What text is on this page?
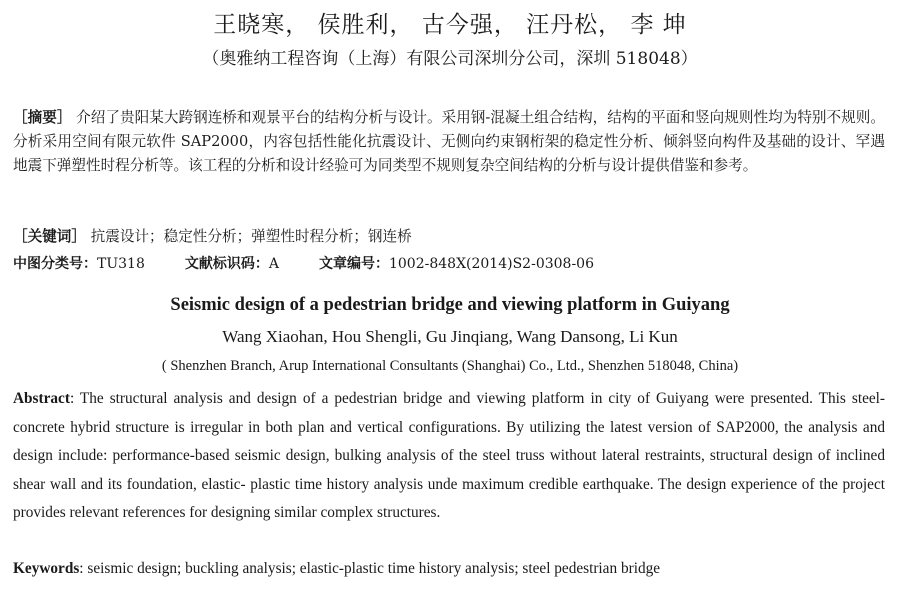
王晓寒， 侯胜利， 古今强， 汪丹松， 李 坤
（奥雅纳工程咨询（上海）有限公司深圳分公司，深圳 518048）
［摘要］ 介绍了贵阳某大跨钢连桥和观景平台的结构分析与设计。采用钢-混凝土组合结构，结构的平面和竖向规则性均为特别不规则。分析采用空间有限元软件 SAP2000，内容包括性能化抗震设计、无侧向约束钢桁架的稳定性分析、倾斜竖向构件及基础的设计、罕遇地震下弹塑性时程分析等。该工程的分析和设计经验可为同类型不规则复杂空间结构的分析与设计提供借鉴和参考。
［关键词］ 抗震设计；稳定性分析；弹塑性时程分析；钢连桥
中图分类号：TU318	文献标识码：A	文章编号：1002-848X(2014)S2-0308-06
Seismic design of a pedestrian bridge and viewing platform in Guiyang
Wang Xiaohan, Hou Shengli, Gu Jinqiang, Wang Dansong, Li Kun
( Shenzhen Branch, Arup International Consultants (Shanghai) Co., Ltd., Shenzhen 518048, China)
Abstract: The structural analysis and design of a pedestrian bridge and viewing platform in city of Guiyang were presented. This steel-concrete hybrid structure is irregular in both plan and vertical configurations. By utilizing the latest version of SAP2000, the analysis and design include: performance-based seismic design, bulking analysis of the steel truss without lateral restraints, structural design of inclined shear wall and its foundation, elastic- plastic time history analysis unde maximum credible earthquake. The design experience of the project provides relevant references for designing similar complex structures.
Keywords: seismic design; buckling analysis; elastic-plastic time history analysis; steel pedestrian bridge
